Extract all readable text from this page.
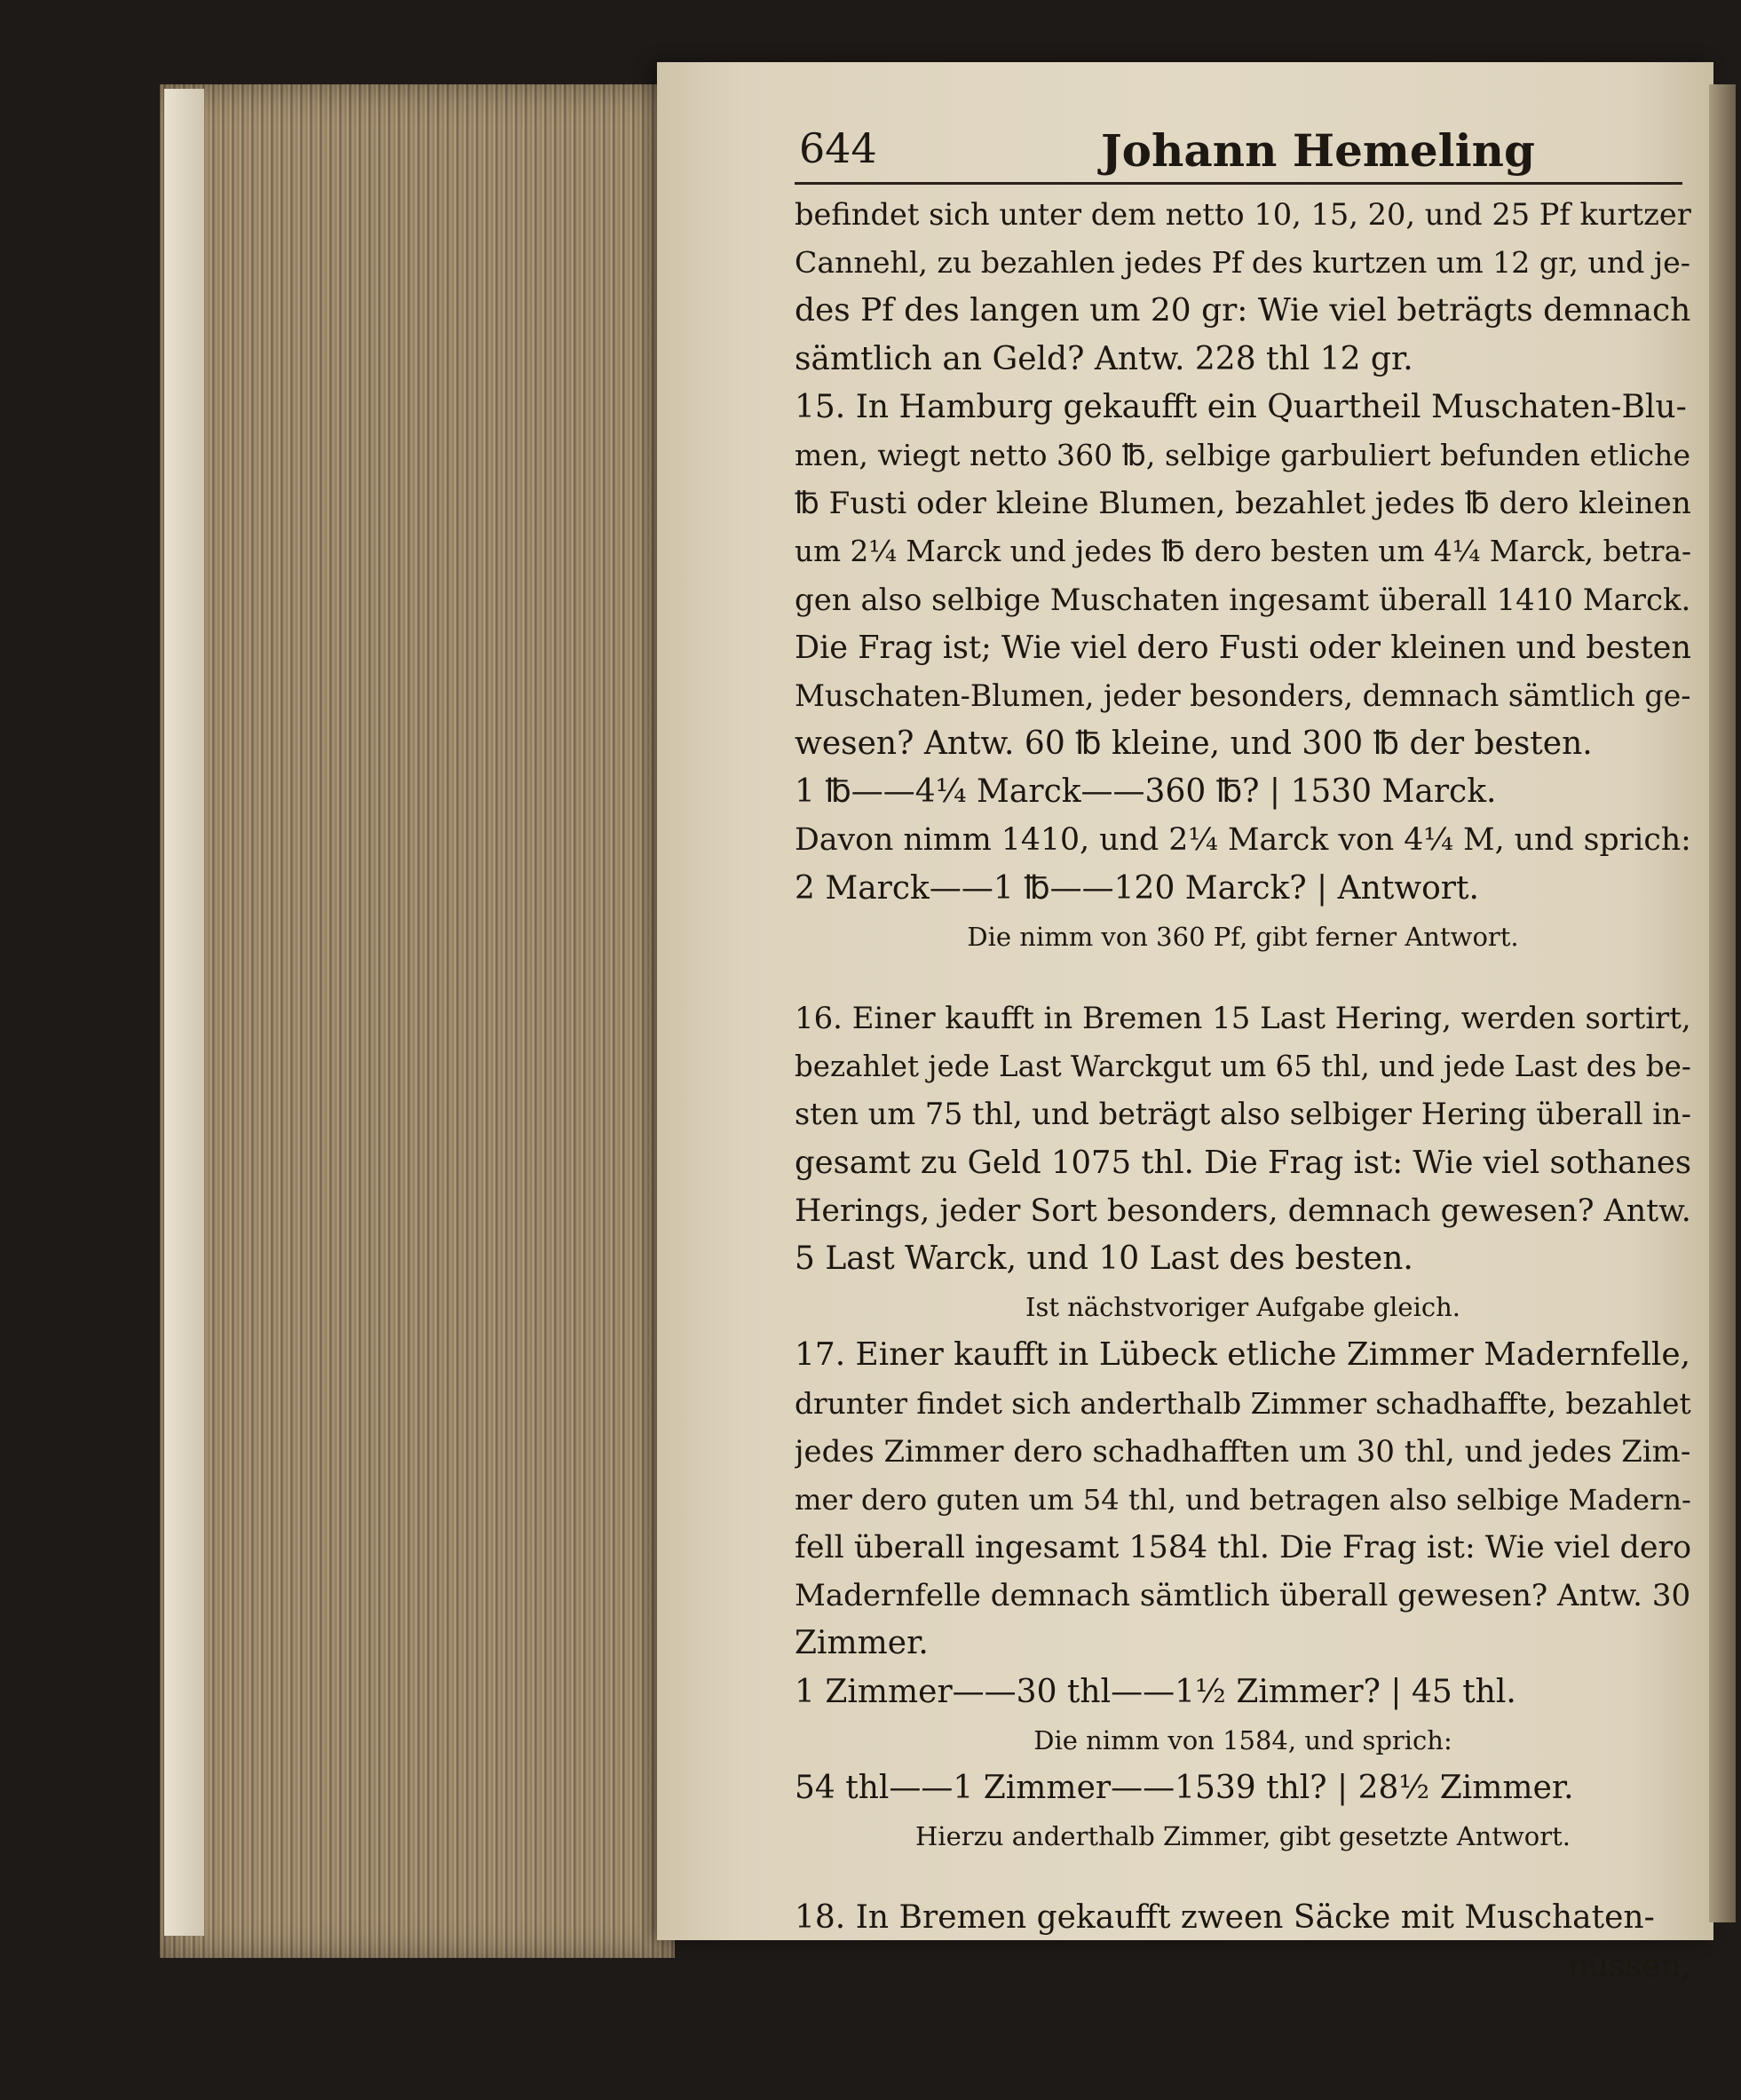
644	Johann Hemeling
befindet sich unter dem netto 10, 15, 20, und 25 Pf kurtzer
Cannehl, zu bezahlen jedes Pf des kurtzen um 12 gr, und je-
des Pf des langen um 20 gr: Wie viel beträgts demnach
sämtlich an Geld? Antw. 228 thl 12 gr.
15. In Hamburg gekaufft ein Quartheil Muschaten-Blu-
men, wiegt netto 360 ℔, selbige garbuliert befunden etliche
℔ Fusti oder kleine Blumen, bezahlet jedes ℔ dero kleinen
um 2¼ Marck und jedes ℔ dero besten um 4¼ Marck, betra-
gen also selbige Muschaten ingesamt überall 1410 Marck.
Die Frag ist; Wie viel dero Fusti oder kleinen und besten
Muschaten-Blumen, jeder besonders, demnach sämtlich ge-
wesen? Antw. 60 ℔ kleine, und 300 ℔ der besten.
1 ℔——4¼ Marck——360 ℔? | 1530 Marck.
Davon nimm 1410, und 2¼ Marck von 4¼ M, und sprich:
2 Marck——1 ℔——120 Marck? | Antwort.
Die nimm von 360 Pf, gibt ferner Antwort.
16. Einer kaufft in Bremen 15 Last Hering, werden sortirt,
bezahlet jede Last Warckgut um 65 thl, und jede Last des be-
sten um 75 thl, und beträgt also selbiger Hering überall in-
gesamt zu Geld 1075 thl. Die Frag ist: Wie viel sothanes
Herings, jeder Sort besonders, demnach gewesen? Antw.
5 Last Warck, und 10 Last des besten.
Ist nächstvoriger Aufgabe gleich.
17. Einer kaufft in Lübeck etliche Zimmer Madernfelle,
drunter findet sich anderthalb Zimmer schadhaffte, bezahlet
jedes Zimmer dero schadhafften um 30 thl, und jedes Zim-
mer dero guten um 54 thl, und betragen also selbige Madern-
fell überall ingesamt 1584 thl. Die Frag ist: Wie viel dero
Madernfelle demnach sämtlich überall gewesen? Antw. 30
Zimmer.
1 Zimmer——30 thl——1½ Zimmer? | 45 thl.
Die nimm von 1584, und sprich:
54 thl——1 Zimmer——1539 thl? | 28½ Zimmer.
Hierzu anderthalb Zimmer, gibt gesetzte Antwort.
18. In Bremen gekaufft zween Säcke mit Muschaten-
nüssen,
